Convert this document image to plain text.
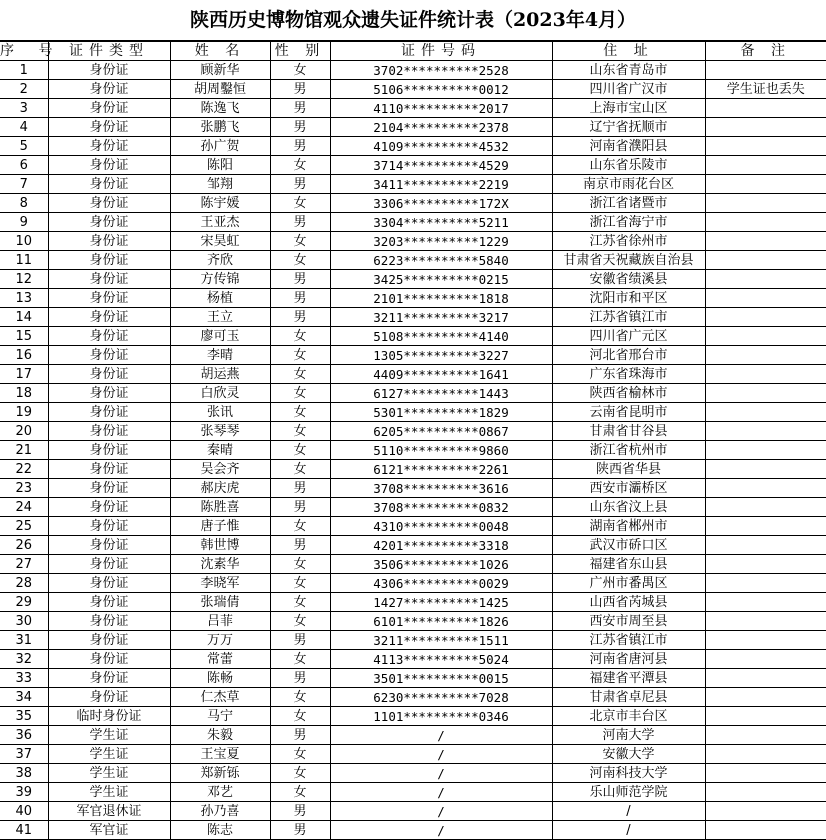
陕西历史博物馆观众遗失证件统计表（2023年4月）
序 号	证件类型	姓 名	性 别	证件号码	住 址	备 注
1	身份证	顾新华	女	3702**********2528	山东省青岛市	
2	身份证	胡周鑿恒	男	5106**********0012	四川省广汉市	学生证也丢失
3	身份证	陈逸飞	男	4110**********2017	上海市宝山区	
4	身份证	张鹏飞	男	2104**********2378	辽宁省抚顺市	
5	身份证	孙广贺	男	4109**********4532	河南省濮阳县	
6	身份证	陈阳	女	3714**********4529	山东省乐陵市	
7	身份证	邹翔	男	3411**********2219	南京市雨花台区	
8	身份证	陈宇媛	女	3306**********172X	浙江省诸暨市	
9	身份证	王亚杰	男	3304**********5211	浙江省海宁市	
10	身份证	宋昊虹	女	3203**********1229	江苏省徐州市	
11	身份证	齐欣	女	6223**********5840	甘肃省天祝藏族自治县	
12	身份证	方传锦	男	3425**********0215	安徽省绩溪县	
13	身份证	杨植	男	2101**********1818	沈阳市和平区	
14	身份证	王立	男	3211**********3217	江苏省镇江市	
15	身份证	廖可玉	女	5108**********4140	四川省广元区	
16	身份证	李晴	女	1305**********3227	河北省邢台市	
17	身份证	胡运燕	女	4409**********1641	广东省珠海市	
18	身份证	白欣灵	女	6127**********1443	陕西省榆林市	
19	身份证	张讯	女	5301**********1829	云南省昆明市	
20	身份证	张琴琴	女	6205**********0867	甘肃省甘谷县	
21	身份证	秦晴	女	5110**********9860	浙江省杭州市	
22	身份证	吴会齐	女	6121**********2261	陕西省华县	
23	身份证	郝庆虎	男	3708**********3616	西安市灞桥区	
24	身份证	陈胜喜	男	3708**********0832	山东省汶上县	
25	身份证	唐子惟	女	4310**********0048	湖南省郴州市	
26	身份证	韩世博	男	4201**********3318	武汉市硚口区	
27	身份证	沈素华	女	3506**********1026	福建省东山县	
28	身份证	李晓军	女	4306**********0029	广州市番禺区	
29	身份证	张瑞倩	女	1427**********1425	山西省芮城县	
30	身份证	吕菲	女	6101**********1826	西安市周至县	
31	身份证	万万	男	3211**********1511	江苏省镇江市	
32	身份证	常蕾	女	4113**********5024	河南省唐河县	
33	身份证	陈畅	男	3501**********0015	福建省平潭县	
34	身份证	仁杰草	女	6230**********7028	甘肃省卓尼县	
35	临时身份证	马宁	女	1101**********0346	北京市丰台区	
36	学生证	朱毅	男	/	河南大学	
37	学生证	王宝夏	女	/	安徽大学	
38	学生证	郑新铄	女	/	河南科技大学	
39	学生证	邓艺	女	/	乐山师范学院	
40	军官退休证	孙乃喜	男	/	/	
41	军官证	陈志	男	/	/	
